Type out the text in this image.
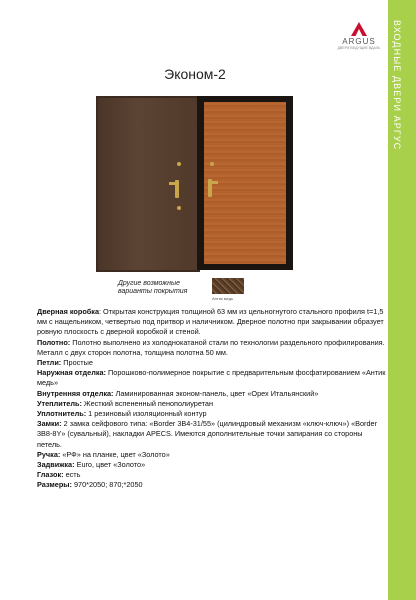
ВХОДНЫЕ ДВЕРИ АРГУС
ARGUS
ДВЕРИ ВЕДУЩИЕ ВДАЛЬ
Эконом-2
Другие возможные варианты покрытия
Антик медь

Дверная коробка: Открытая конструкция толщиной 63 мм из цельногнутого стального профиля t=1,5 мм с нащельником, четвертью под притвор и наличником. Дверное полотно при закрывании образует ровную плоскость с дверной коробкой и стеной.

Полотно: Полотно выполнено из холоднокатаной стали по технологии раздельного профилирования. Металл с двух сторон полотна, толщина полотна 50 мм.

Петли: Простые

Наружная отделка: Порошково-полимерное покрытие с предварительным фосфатированием «Антик медь»

Внутренняя отделка: Ламинированная эконом-панель, цвет «Орех Итальянский»

Утеплитель: Жесткий вспененный пенополиуретан

Уплотнитель: 1 резиновый изоляционный контур

Замки: 2 замка сейфового типа: «Border 3В4-31/55» (цилиндровый механизм «ключ-ключ») «Border 3В8-8Y» (сувальный), накладки APECS. Имеются дополнительные точки запирания со стороны петель.

Ручка: «РФ» на планке, цвет «Золото»

Задвижка: Euro, цвет «Золото»

Глазок: есть

Размеры: 970*2050; 870;*2050
